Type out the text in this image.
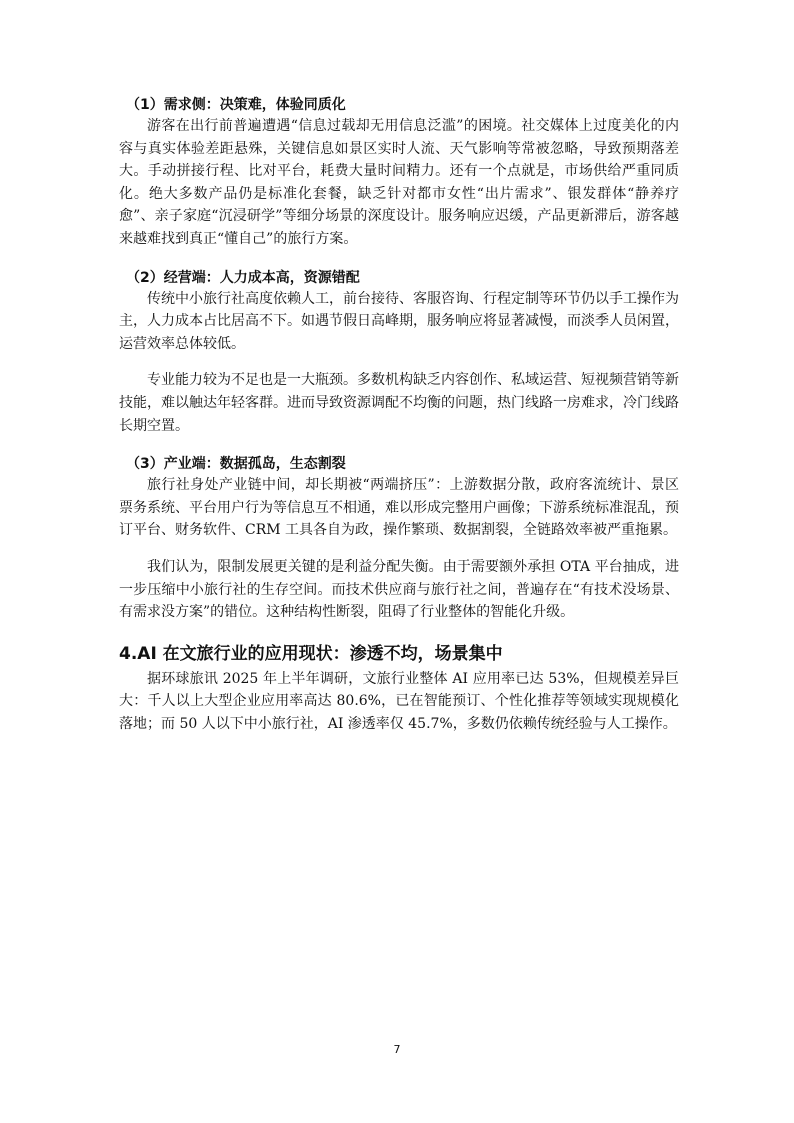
（1）需求侧：决策难，体验同质化

游客在出行前普遍遭遇“信息过载却无用信息泛滥”的困境。社交媒体上过度美化的内容与真实体验差距悬殊，关键信息如景区实时人流、天气影响等常被忽略，导致预期落差大。手动拼接行程、比对平台，耗费大量时间精力。还有一个点就是，市场供给严重同质化。绝大多数产品仍是标准化套餐，缺乏针对都市女性“出片需求”、银发群体“静养疗愈”、亲子家庭“沉浸研学”等细分场景的深度设计。服务响应迟缓，产品更新滞后，游客越来越难找到真正“懂自己”的旅行方案。

（2）经营端：人力成本高，资源错配

传统中小旅行社高度依赖人工，前台接待、客服咨询、行程定制等环节仍以手工操作为主，人力成本占比居高不下。如遇节假日高峰期，服务响应将显著减慢，而淡季人员闲置，运营效率总体较低。

专业能力较为不足也是一大瓶颈。多数机构缺乏内容创作、私域运营、短视频营销等新技能，难以触达年轻客群。进而导致资源调配不均衡的问题，热门线路一房难求，冷门线路长期空置。

（3）产业端：数据孤岛，生态割裂

旅行社身处产业链中间，却长期被“两端挤压”：上游数据分散，政府客流统计、景区票务系统、平台用户行为等信息互不相通，难以形成完整用户画像；下游系统标准混乱，预订平台、财务软件、CRM 工具各自为政，操作繁琐、数据割裂，全链路效率被严重拖累。

我们认为，限制发展更关键的是利益分配失衡。由于需要额外承担 OTA 平台抽成，进一步压缩中小旅行社的生存空间。而技术供应商与旅行社之间，普遍存在“有技术没场景、有需求没方案”的错位。这种结构性断裂，阻碍了行业整体的智能化升级。

4.AI 在文旅行业的应用现状：渗透不均，场景集中

据环球旅讯 2025 年上半年调研，文旅行业整体 AI 应用率已达 53%，但规模差异巨大：千人以上大型企业应用率高达 80.6%，已在智能预订、个性化推荐等领域实现规模化落地；而 50 人以下中小旅行社，AI 渗透率仅 45.7%，多数仍依赖传统经验与人工操作。

7
